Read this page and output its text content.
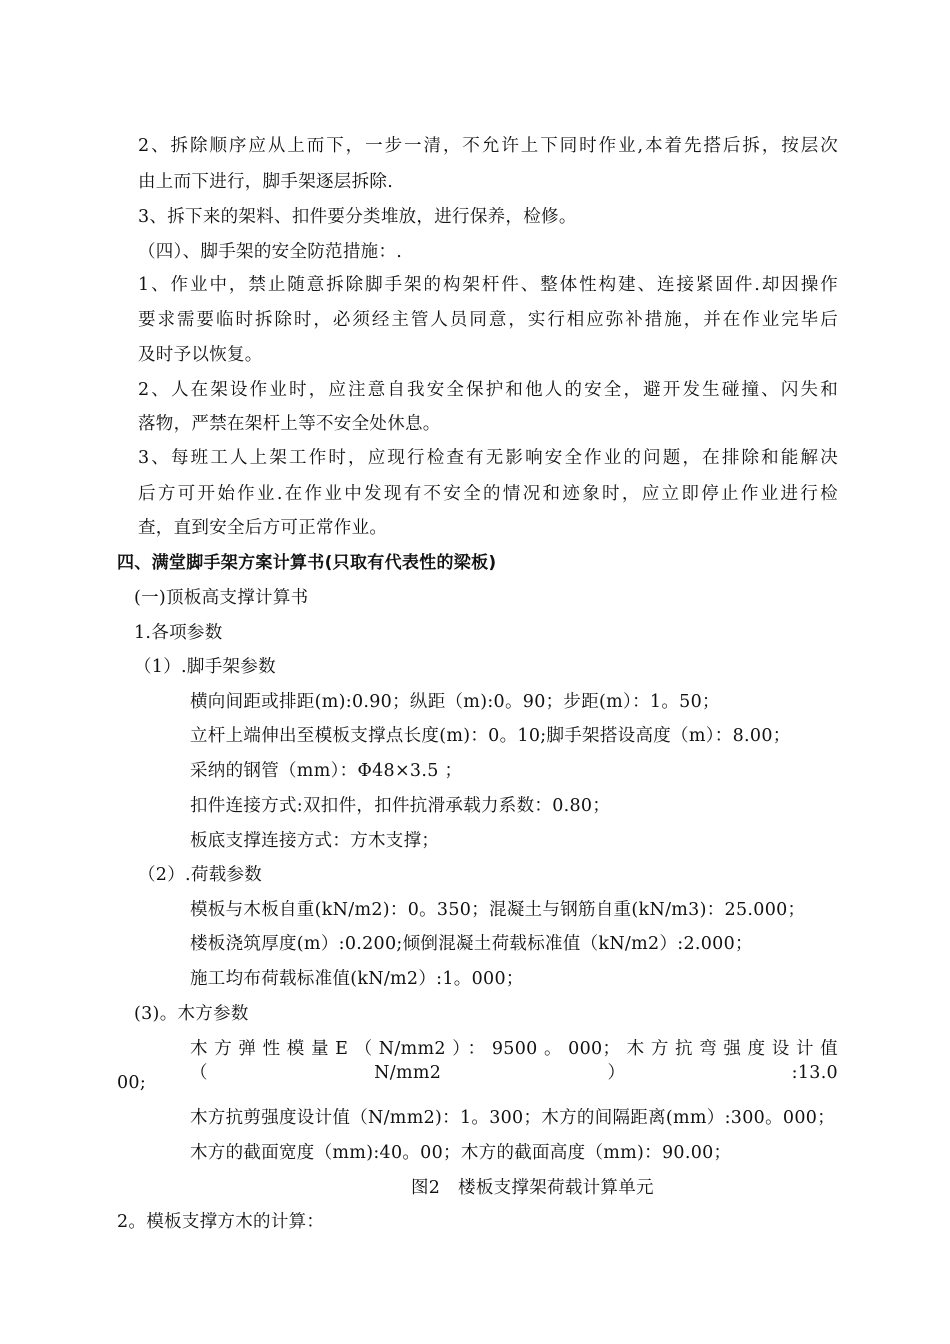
2、拆除顺序应从上而下，一步一清，不允许上下同时作业,本着先搭后拆，按层次
由上而下进行，脚手架逐层拆除.
3、拆下来的架料、扣件要分类堆放，进行保养，检修。
（四）、脚手架的安全防范措施：.
1、作业中，禁止随意拆除脚手架的构架杆件、整体性构建、连接紧固件.却因操作
要求需要临时拆除时，必须经主管人员同意，实行相应弥补措施，并在作业完毕后
及时予以恢复。
2、人在架设作业时，应注意自我安全保护和他人的安全，避开发生碰撞、闪失和
落物，严禁在架杆上等不安全处休息。
3、每班工人上架工作时，应现行检查有无影响安全作业的问题，在排除和能解决
后方可开始作业.在作业中发现有不安全的情况和迹象时，应立即停止作业进行检
查，直到安全后方可正常作业。
四、满堂脚手架方案计算书(只取有代表性的梁板)
(一)顶板高支撑计算书
1.各项参数
（1）.脚手架参数
横向间距或排距(m):0.90；纵距（m):0。90；步距(m）：1。50；
立杆上端伸出至模板支撑点长度(m)：0。10;脚手架搭设高度（m）：8.00；
采纳的钢管（mm）：Φ48×3.5 ；
扣件连接方式:双扣件，扣件抗滑承载力系数：0.80；
板底支撑连接方式：方木支撑；
（2）.荷载参数
模板与木板自重(kN/m2)：0。350；混凝土与钢筋自重(kN/m3)：25.000；
楼板浇筑厚度(m）:0.200;倾倒混凝土荷载标准值（kN/m2）:2.000；
施工均布荷载标准值(kN/m2）:1。000；
(3)。木方参数
木方弹性模量E（N/mm2）：9500。000；木方抗弯强度设计值（N/mm2）:13.0
00;
木方抗剪强度设计值（N/mm2)：1。300；木方的间隔距离(mm）:300。000；
木方的截面宽度（mm):40。00；木方的截面高度（mm)：90.00；
图2　楼板支撑架荷载计算单元
2。模板支撑方木的计算：
